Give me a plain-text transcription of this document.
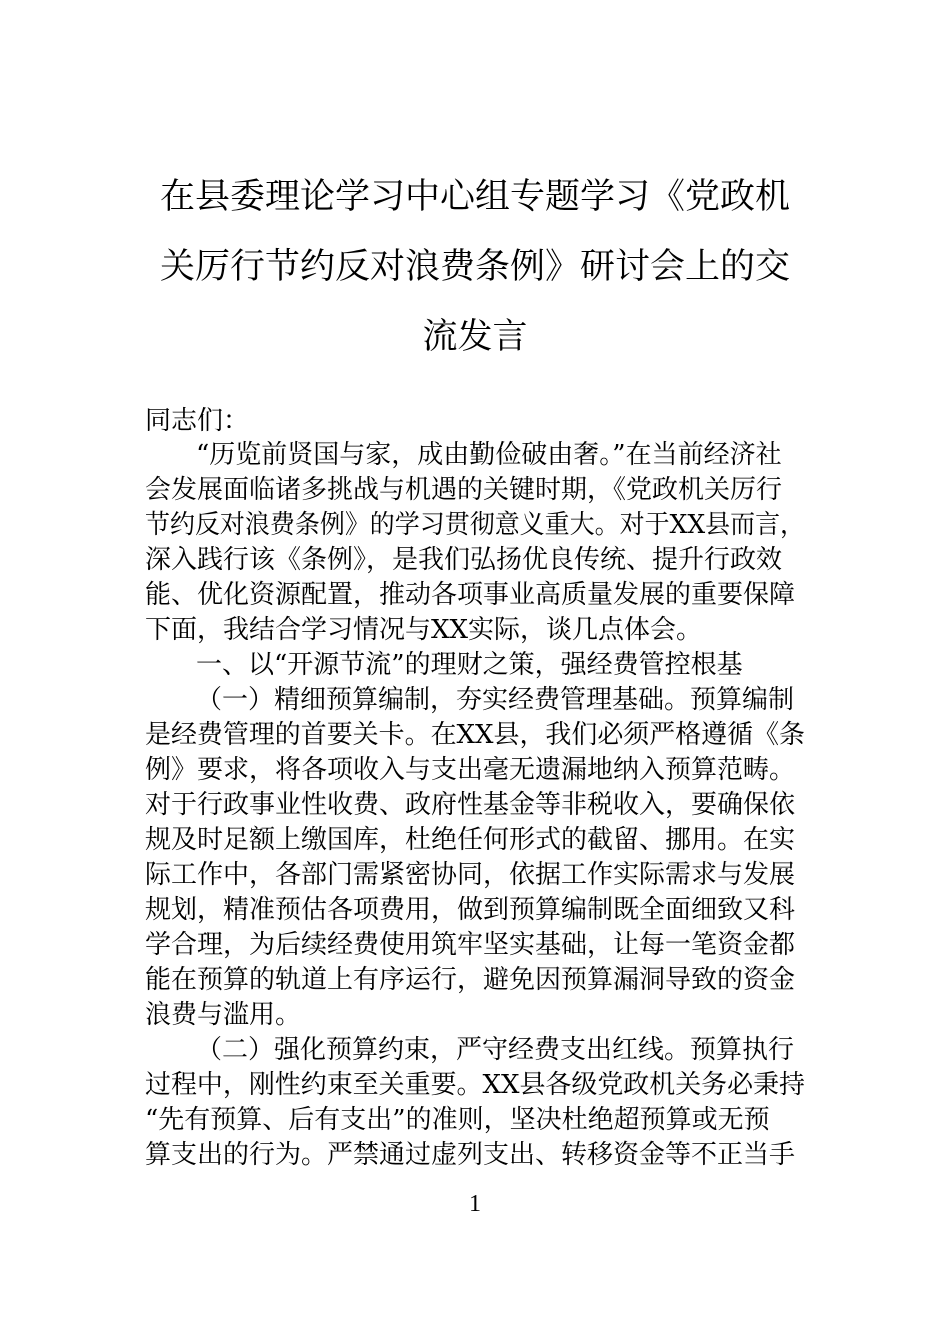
在县委理论学习中心组专题学习《党政机
关厉行节约反对浪费条例》研讨会上的交
流发言
同志们：
“历览前贤国与家，成由勤俭破由奢。”在当前经济社
会发展面临诸多挑战与机遇的关键时期，《党政机关厉行
节约反对浪费条例》的学习贯彻意义重大。对于XX县而言，
深入践行该《条例》，是我们弘扬优良传统、提升行政效
能、优化资源配置，推动各项事业高质量发展的重要保障
下面，我结合学习情况与XX实际，谈几点体会。
一、以“开源节流”的理财之策，强经费管控根基
（一）精细预算编制，夯实经费管理基础。预算编制
是经费管理的首要关卡。在XX县，我们必须严格遵循《条
例》要求，将各项收入与支出毫无遗漏地纳入预算范畴。
对于行政事业性收费、政府性基金等非税收入，要确保依
规及时足额上缴国库，杜绝任何形式的截留、挪用。在实
际工作中，各部门需紧密协同，依据工作实际需求与发展
规划，精准预估各项费用，做到预算编制既全面细致又科
学合理，为后续经费使用筑牢坚实基础，让每一笔资金都
能在预算的轨道上有序运行，避免因预算漏洞导致的资金
浪费与滥用。
（二）强化预算约束，严守经费支出红线。预算执行
过程中，刚性约束至关重要。XX县各级党政机关务必秉持
“先有预算、后有支出”的准则，坚决杜绝超预算或无预
算支出的行为。严禁通过虚列支出、转移资金等不正当手
1
